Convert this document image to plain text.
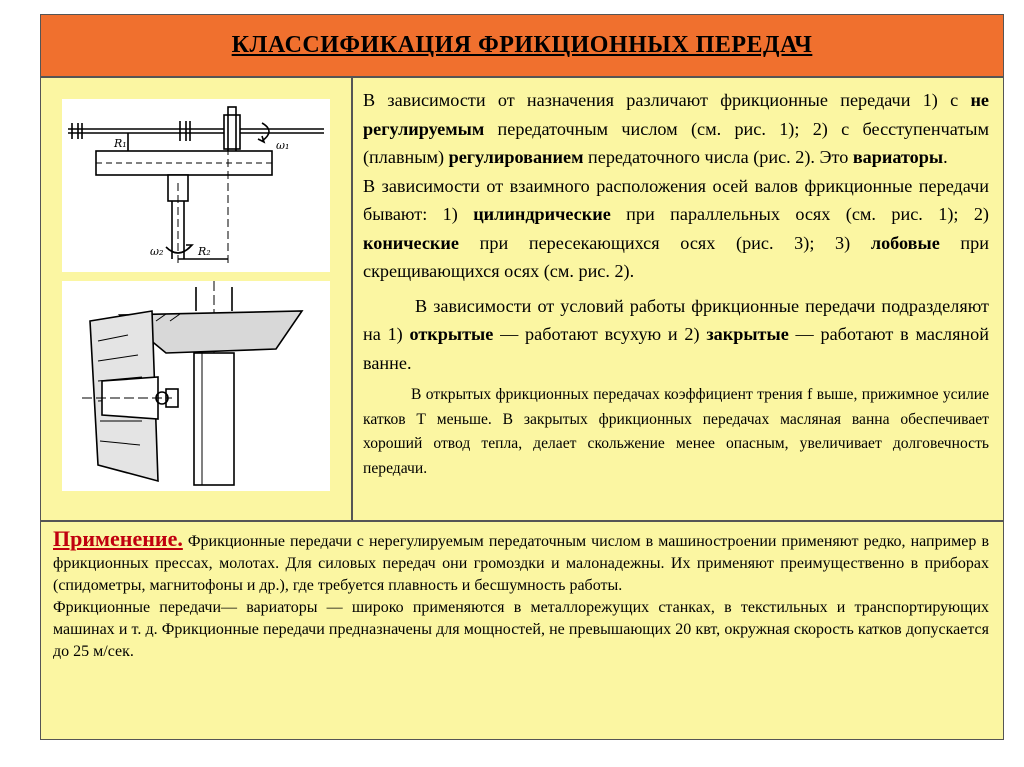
КЛАССИФИКАЦИЯ ФРИКЦИОННЫХ ПЕРЕДАЧ
R₁	ω₁
ω₂	R₂

В зависимости от назначения различают фрикционные передачи 1) с не регулируемым передаточным числом (см. рис. 1); 2) с бесступенчатым (плавным) регулированием передаточного числа (рис. 2). Это вариаторы.

В зависимости от взаимного расположения осей валов фрикционные передачи бывают: 1) цилиндрические при параллельных осях (см. рис. 1); 2) конические при пересекающихся осях (рис. 3); 3) лобовые при скрещивающихся осях (см. рис. 2).

В зависимости от условий работы фрикционные передачи подразделяют на 1) открытые — работают всухую и 2) закрытые — работают в масляной ванне.

В открытых фрикционных передачах коэффициент трения f выше, прижимное усилие катков Т меньше. В закрытых фрикционных передачах масляная ванна обеспечивает хороший отвод тепла, делает скольжение менее опасным, увеличивает долговечность передачи.

Применение. Фрикционные передачи с нерегулируемым передаточным числом в машиностроении применяют редко, например в фрикционных прессах, молотах. Для силовых передач они громоздки и малонадежны. Их применяют преимущественно в приборах (спидометры, магнитофоны и др.), где требуется плавность и бесшумность работы.

Фрикционные передачи— вариаторы — широко применяются в металлорежущих станках, в текстильных и транспортирующих машинах и т. д. Фрикционные передачи предназначены для мощностей, не превышающих 20 квт, окружная скорость катков допускается до 25 м/сек.
